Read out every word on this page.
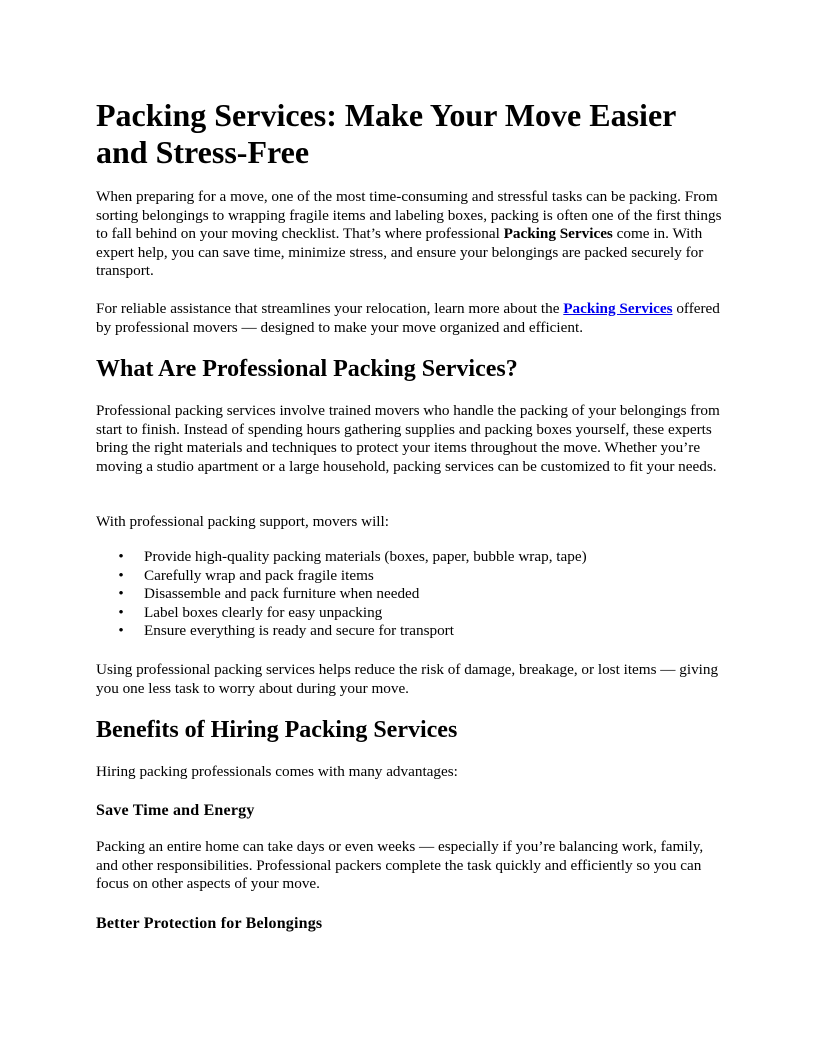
Packing Services: Make Your Move Easier and Stress-Free

When preparing for a move, one of the most time-consuming and stressful tasks can be packing. From sorting belongings to wrapping fragile items and labeling boxes, packing is often one of the first things to fall behind on your moving checklist. That’s where professional Packing Services come in. With expert help, you can save time, minimize stress, and ensure your belongings are packed securely for transport.

For reliable assistance that streamlines your relocation, learn more about the Packing Services offered by professional movers — designed to make your move organized and efficient.

What Are Professional Packing Services?

Professional packing services involve trained movers who handle the packing of your belongings from start to finish. Instead of spending hours gathering supplies and packing boxes yourself, these experts bring the right materials and techniques to protect your items throughout the move. Whether you’re moving a studio apartment or a large household, packing services can be customized to fit your needs.

With professional packing support, movers will:

• Provide high-quality packing materials (boxes, paper, bubble wrap, tape)
• Carefully wrap and pack fragile items
• Disassemble and pack furniture when needed
• Label boxes clearly for easy unpacking
• Ensure everything is ready and secure for transport

Using professional packing services helps reduce the risk of damage, breakage, or lost items — giving you one less task to worry about during your move.

Benefits of Hiring Packing Services

Hiring packing professionals comes with many advantages:

Save Time and Energy

Packing an entire home can take days or even weeks — especially if you’re balancing work, family, and other responsibilities. Professional packers complete the task quickly and efficiently so you can focus on other aspects of your move.

Better Protection for Belongings
